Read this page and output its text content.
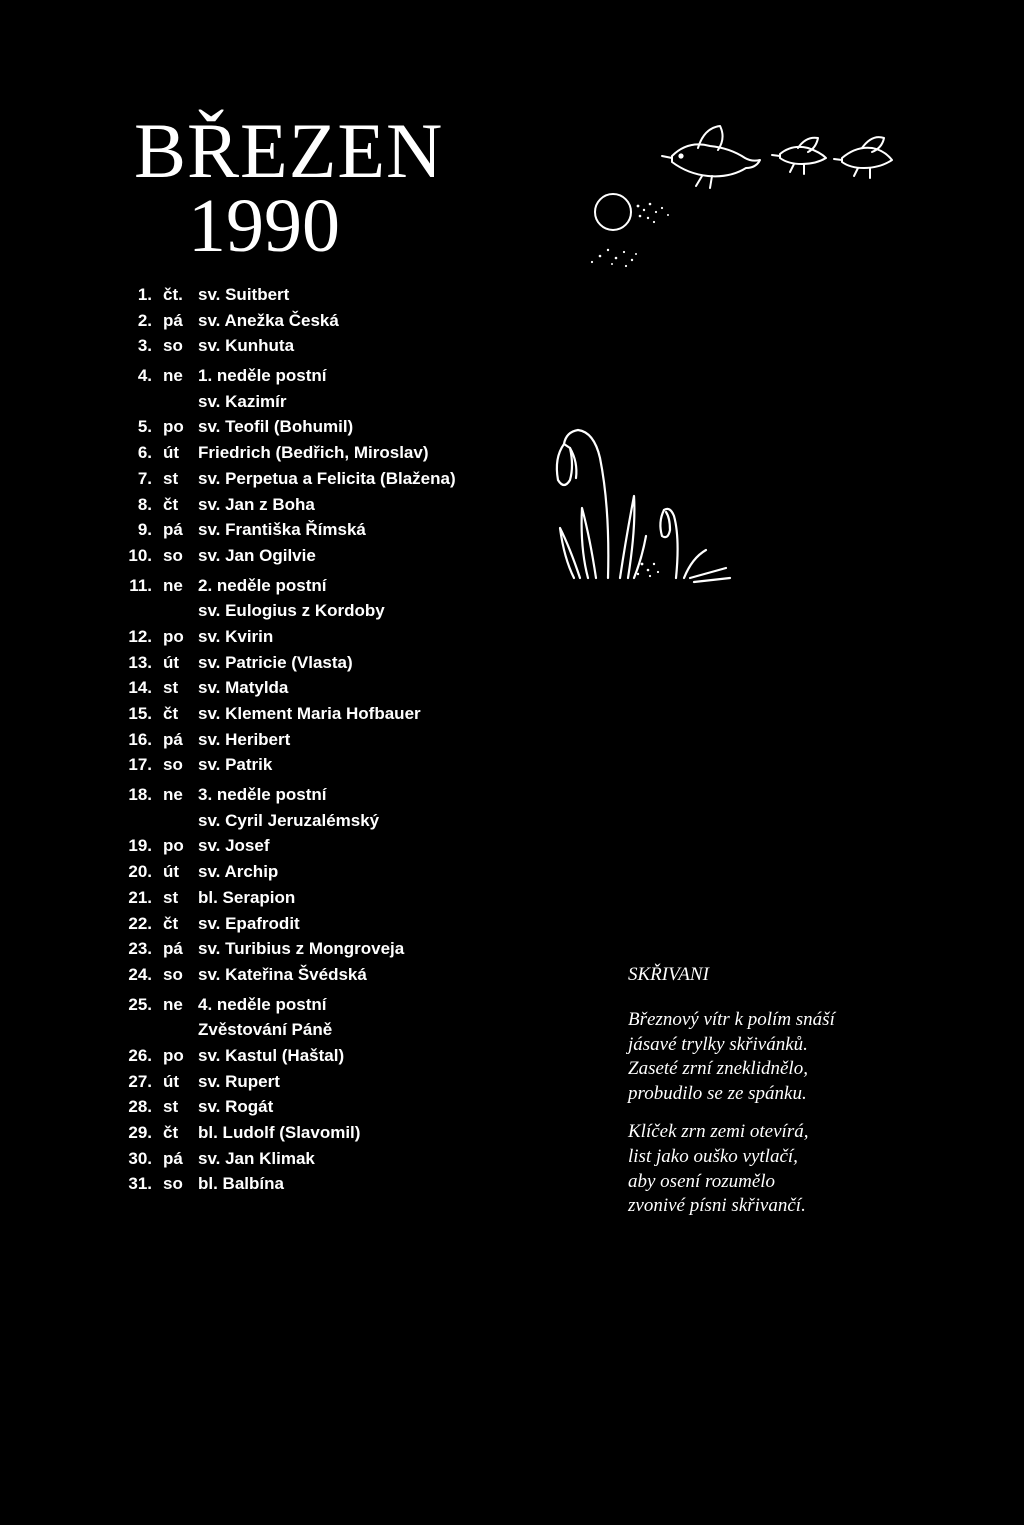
BŘEZEN
1990
1. čt. sv. Suitbert
2. pá sv. Anežka Česká
3. so sv. Kunhuta
4. ne 1. neděle postní
sv. Kazimír
5. po sv. Teofil (Bohumil)
6. út Friedrich (Bedřich, Miroslav)
7. st sv. Perpetua a Felicita (Blažena)
8. čt sv. Jan z Boha
9. pá sv. Františka Římská
10. so sv. Jan Ogilvie
11. ne 2. neděle postní
sv. Eulogius z Kordoby
12. po sv. Kvirin
13. út sv. Patricie (Vlasta)
14. st sv. Matylda
15. čt sv. Klement Maria Hofbauer
16. pá sv. Heribert
17. so sv. Patrik
18. ne 3. neděle postní
sv. Cyril Jeruzalémský
19. po sv. Josef
20. út sv. Archip
21. st bl. Serapion
22. čt sv. Epafrodit
23. pá sv. Turibius z Mongroveja
24. so sv. Kateřina Švédská
25. ne 4. neděle postní
Zvěstování Páně
26. po sv. Kastul (Haštal)
27. út sv. Rupert
28. st sv. Rogát
29. čt bl. Ludolf (Slavomil)
30. pá sv. Jan Klimak
31. so bl. Balbína
SKŘIVANI
Březnový vítr k polím snáší
jásavé trylky skřivánků.
Zaseté zrní zneklidnělo,
probudilo se ze spánku.
Klíček zrn zemi otevírá,
list jako ouško vytlačí,
aby osení rozumělo
zvonivé písni skřivančí.
